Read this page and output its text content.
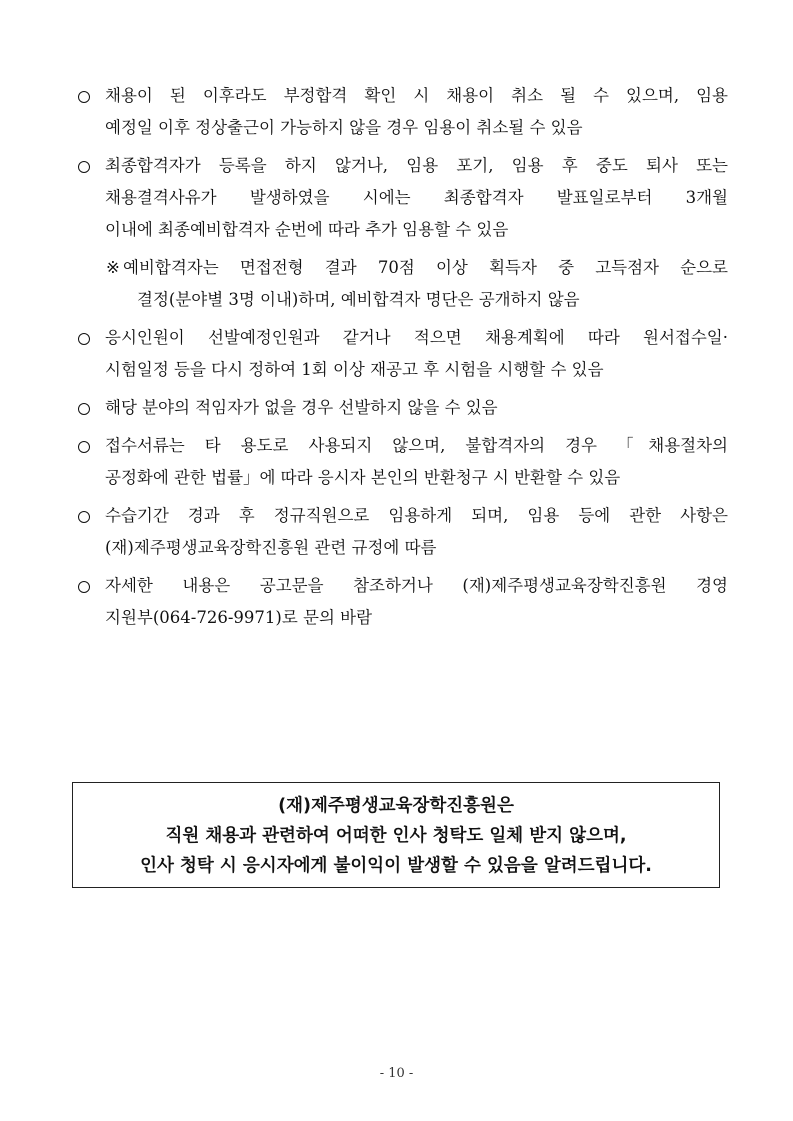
채용이 된 이후라도 부정합격 확인 시 채용이 취소 될 수 있으며, 임용
예정일 이후 정상출근이 가능하지 않을 경우 임용이 취소될 수 있음
최종합격자가 등록을 하지 않거나, 임용 포기, 임용 후 중도 퇴사 또는
채용결격사유가 발생하였을 시에는 최종합격자 발표일로부터 3개월
이내에 최종예비합격자 순번에 따라 추가 임용할 수 있음
※ 예비합격자는 면접전형 결과 70점 이상 획득자 중 고득점자 순으로
결정(분야별 3명 이내)하며, 예비합격자 명단은 공개하지 않음
응시인원이 선발예정인원과 같거나 적으면 채용계획에 따라 원서접수일·
시험일정 등을 다시 정하여 1회 이상 재공고 후 시험을 시행할 수 있음
해당 분야의 적임자가 없을 경우 선발하지 않을 수 있음
접수서류는 타 용도로 사용되지 않으며, 불합격자의 경우 「채용절차의
공정화에 관한 법률」에 따라 응시자 본인의 반환청구 시 반환할 수 있음
수습기간 경과 후 정규직원으로 임용하게 되며, 임용 등에 관한 사항은
(재)제주평생교육장학진흥원 관련 규정에 따름
자세한 내용은 공고문을 참조하거나 (재)제주평생교육장학진흥원 경영
지원부(064-726-9971)로 문의 바람
(재)제주평생교육장학진흥원은
직원 채용과 관련하여 어떠한 인사 청탁도 일체 받지 않으며,
인사 청탁 시 응시자에게 불이익이 발생할 수 있음을 알려드립니다.
- 10 -
